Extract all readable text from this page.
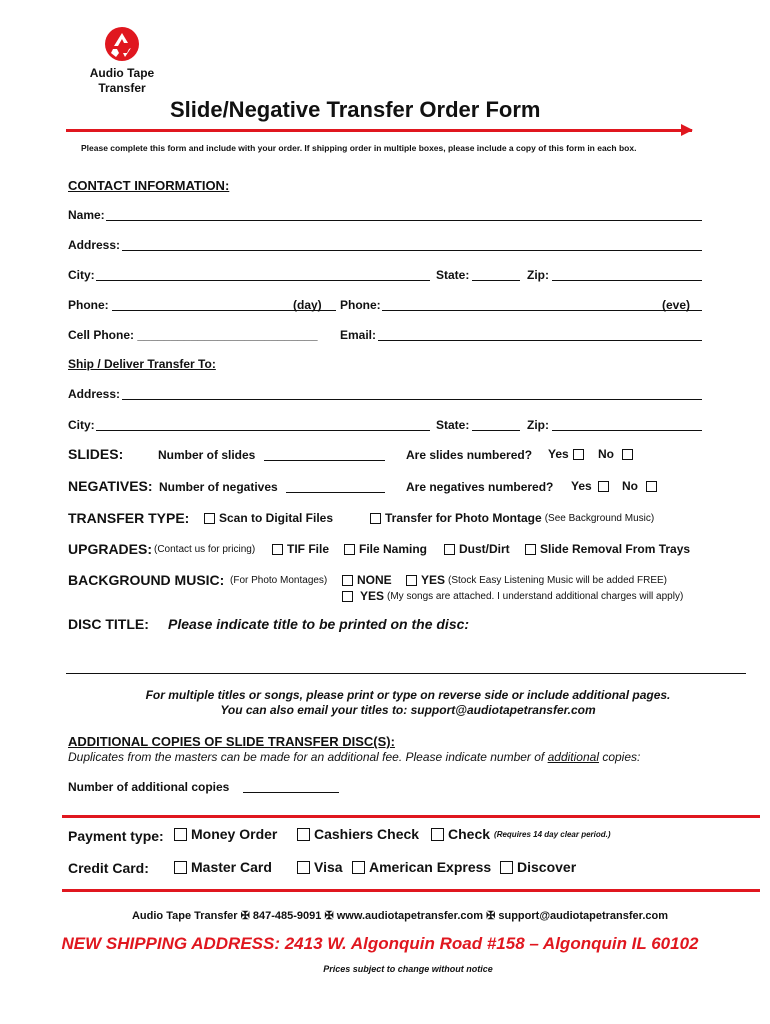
Audio Tape
Transfer
Slide/Negative Transfer Order Form
Please complete this form and include with your order. If shipping order in multiple boxes, please include a copy of this form in each box.
CONTACT INFORMATION:
Name:
Address:
City:	State:	Zip:
Phone:	(day) Phone:	(eve)
Cell Phone: ___________________________ Email:
Ship / Deliver Transfer To:
Address:
City:	State:	Zip:
SLIDES:	Number of slides	Are slides numbered? Yes No
NEGATIVES: Number of negatives	Are negatives numbered? Yes	No
TRANSFER TYPE: Scan to Digital Files	Transfer for Photo Montage (See Background Music)
UPGRADES: (Contact us for pricing)	TIF File	File Naming	Dust/Dirt	Slide Removal From Trays
BACKGROUND MUSIC: (For Photo Montages) NONE YES (Stock Easy Listening Music will be added FREE)
YES (My songs are attached. I understand additional charges will apply)
DISC TITLE: Please indicate title to be printed on the disc:
For multiple titles or songs, please print or type on reverse side or include additional pages.
You can also email your titles to: support@audiotapetransfer.com
ADDITIONAL COPIES OF SLIDE TRANSFER DISC(S):
Duplicates from the masters can be made for an additional fee. Please indicate number of additional copies:
Number of additional copies
Payment type: Money Order	Cashiers Check Check (Requires 14 day clear period.)
Credit Card:	Master Card	Visa American Express Discover
Audio Tape Transfer ✠ 847-485-9091 ✠ www.audiotapetransfer.com ✠ support@audiotapetransfer.com
NEW SHIPPING ADDRESS: 2413 W. Algonquin Road #158 – Algonquin IL 60102
Prices subject to change without notice
